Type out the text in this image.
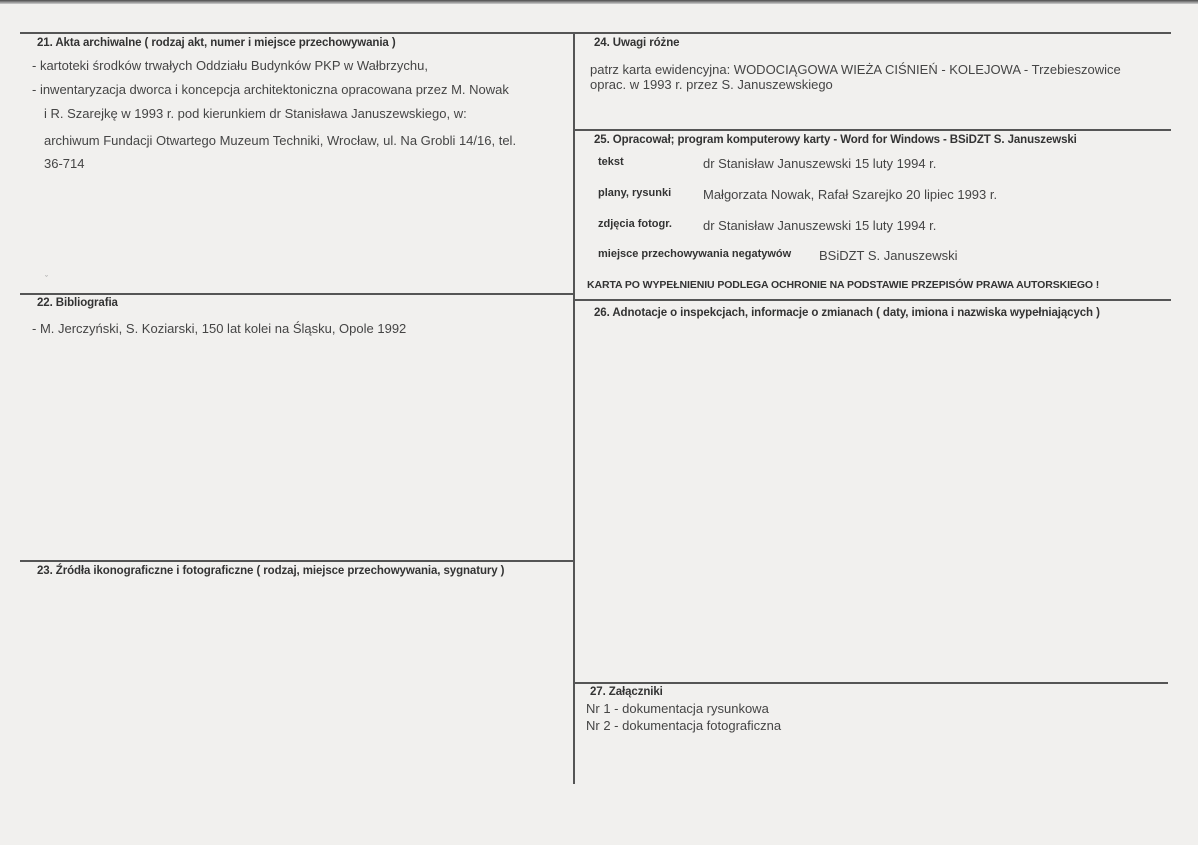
21. Akta archiwalne ( rodzaj akt, numer i miejsce przechowywania )
- kartoteki środków trwałych Oddziału Budynków PKP w Wałbrzychu,
- inwentaryzacja dworca i koncepcja architektoniczna opracowana przez M. Nowak
i R. Szarejkę w 1993 r. pod kierunkiem dr Stanisława Januszewskiego, w:
archiwum Fundacji Otwartego Muzeum Techniki, Wrocław, ul. Na Grobli 14/16, tel.
36-714
ˇ
22. Bibliografia
- M. Jerczyński, S. Koziarski, 150 lat kolei na Śląsku, Opole 1992
23. Źródła ikonograficzne i fotograficzne ( rodzaj, miejsce przechowywania, sygnatury )
24. Uwagi różne
patrz karta ewidencyjna: WODOCIĄGOWA WIEŻA CIŚNIEŃ - KOLEJOWA - Trzebieszowice
oprac. w 1993 r. przez S. Januszewskiego
25. Opracował; program komputerowy karty - Word for Windows - BSiDZT S. Januszewski
tekst	dr Stanisław Januszewski 15 luty 1994 r.
plany, rysunki Małgorzata Nowak, Rafał Szarejko 20 lipiec 1993 r.
zdjęcia fotogr. dr Stanisław Januszewski 15 luty 1994 r.
miejsce przechowywania negatywów BSiDZT S. Januszewski
KARTA PO WYPEŁNIENIU PODLEGA OCHRONIE NA PODSTAWIE PRZEPISÓW PRAWA AUTORSKIEGO !
26. Adnotacje o inspekcjach, informacje o zmianach ( daty, imiona i nazwiska wypełniających )
27. Załączniki
Nr 1 - dokumentacja rysunkowa
Nr 2 - dokumentacja fotograficzna
